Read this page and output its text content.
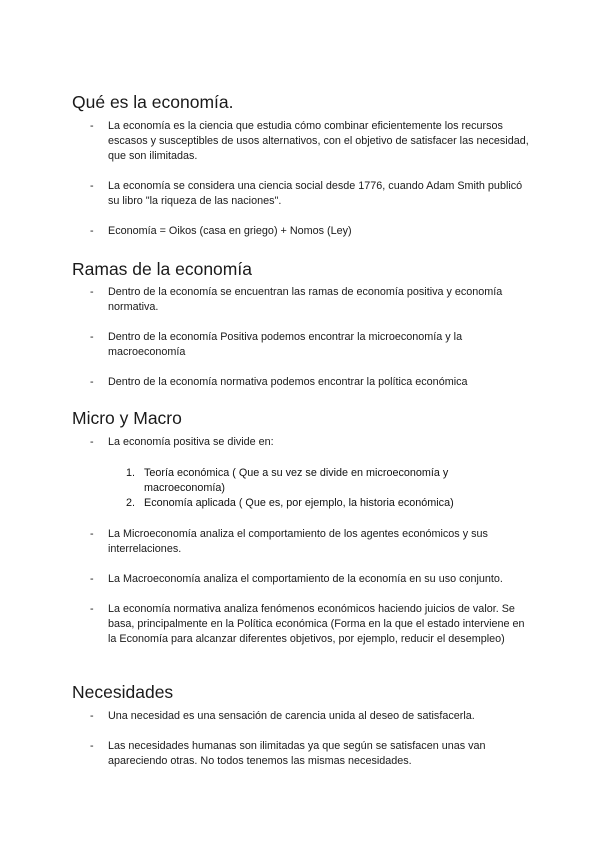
Qué es la economía.
- La economía es la ciencia que estudia cómo combinar eficientemente los recursos escasos y susceptibles de usos alternativos, con el objetivo de satisfacer las necesidad, que son ilimitadas.
- La economía se considera una ciencia social desde 1776, cuando Adam Smith publicó su libro "la riqueza de las naciones".
- Economía = Oikos (casa en griego) + Nomos (Ley)
Ramas de la economía
- Dentro de la economía se encuentran las ramas de economía positiva y economía normativa.
- Dentro de la economía Positiva podemos encontrar la microeconomía y la macroeconomía
- Dentro de la economía normativa podemos encontrar la política económica
Micro y Macro
- La economía positiva se divide en:
1. Teoría económica ( Que a su vez se divide en microeconomía y macroeconomía)
2. Economía aplicada ( Que es, por ejemplo, la historia económica)
- La Microeconomía analiza el comportamiento de los agentes económicos y sus interrelaciones.
- La Macroeconomía analiza el comportamiento de la economía en su uso conjunto.
- La economía normativa analiza fenómenos económicos haciendo juicios de valor. Se basa, principalmente en la Política económica (Forma en la que el estado interviene en la Economía para alcanzar diferentes objetivos, por ejemplo, reducir el desempleo)
Necesidades
- Una necesidad es una sensación de carencia unida al deseo de satisfacerla.
- Las necesidades humanas son ilimitadas ya que según se satisfacen unas van apareciendo otras. No todos tenemos las mismas necesidades.
